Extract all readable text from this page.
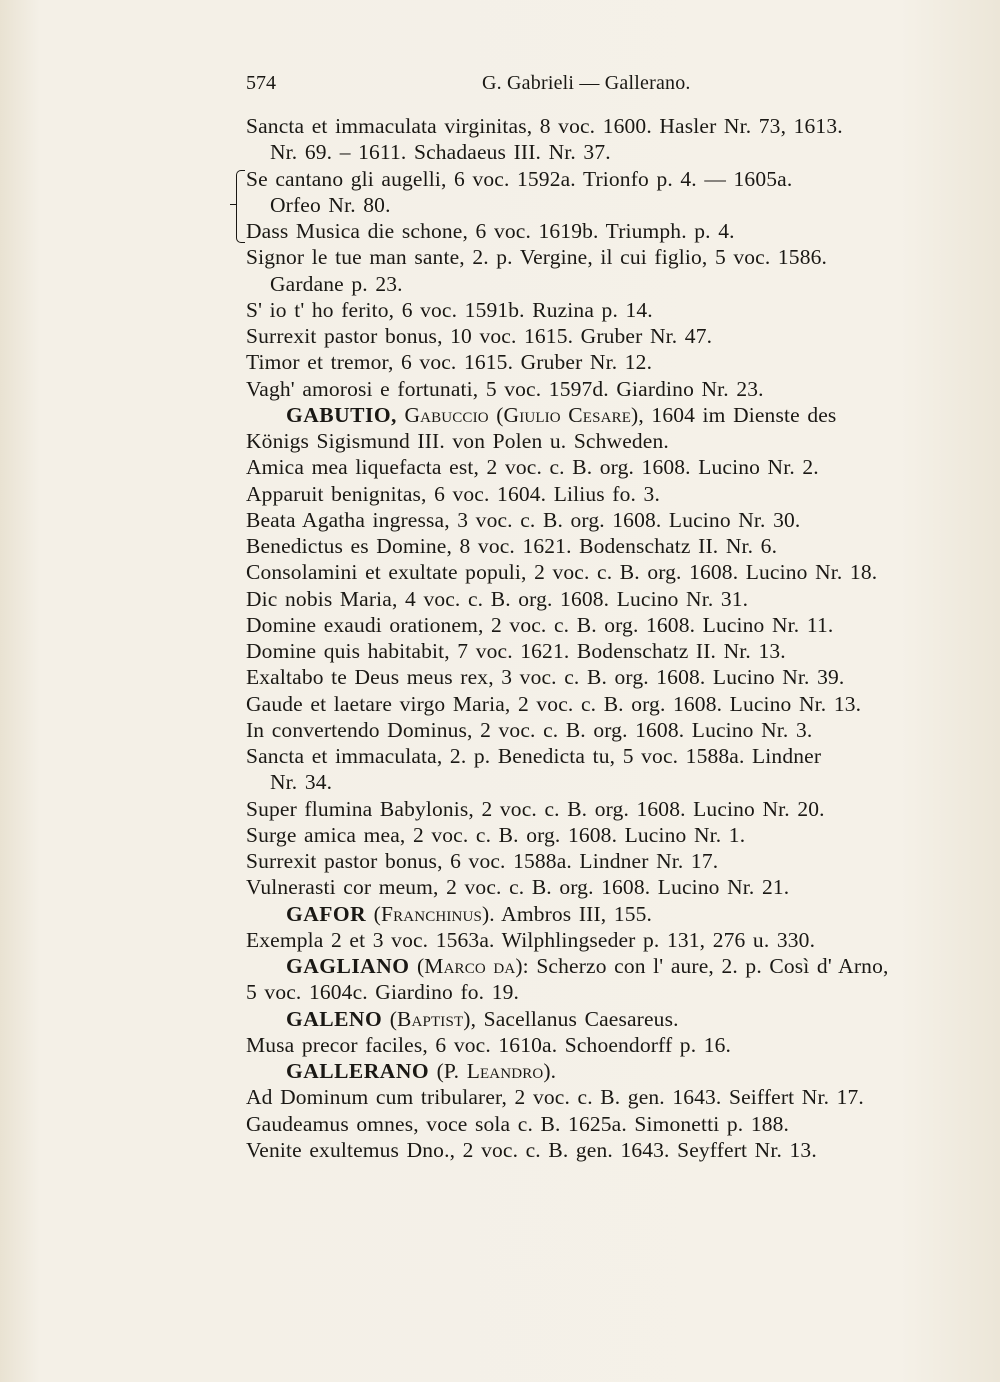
574	G. Gabrieli — Gallerano.
Sancta et immaculata virginitas, 8 voc. 1600. Hasler Nr. 73, 1613.
Nr. 69. – 1611. Schadaeus III. Nr. 37.
Se cantano gli augelli, 6 voc. 1592a. Trionfo p. 4. — 1605a.
Orfeo Nr. 80.
Dass Musica die schone, 6 voc. 1619b. Triumph. p. 4.
Signor le tue man sante, 2. p. Vergine, il cui figlio, 5 voc. 1586.
Gardane p. 23.
S' io t' ho ferito, 6 voc. 1591b. Ruzina p. 14.
Surrexit pastor bonus, 10 voc. 1615. Gruber Nr. 47.
Timor et tremor, 6 voc. 1615. Gruber Nr. 12.
Vagh' amorosi e fortunati, 5 voc. 1597d. Giardino Nr. 23.
GABUTIO, Gabuccio (Giulio Cesare), 1604 im Dienste des
Königs Sigismund III. von Polen u. Schweden.
Amica mea liquefacta est, 2 voc. c. B. org. 1608. Lucino Nr. 2.
Apparuit benignitas, 6 voc. 1604. Lilius fo. 3.
Beata Agatha ingressa, 3 voc. c. B. org. 1608. Lucino Nr. 30.
Benedictus es Domine, 8 voc. 1621. Bodenschatz II. Nr. 6.
Consolamini et exultate populi, 2 voc. c. B. org. 1608. Lucino Nr. 18.
Dic nobis Maria, 4 voc. c. B. org. 1608. Lucino Nr. 31.
Domine exaudi orationem, 2 voc. c. B. org. 1608. Lucino Nr. 11.
Domine quis habitabit, 7 voc. 1621. Bodenschatz II. Nr. 13.
Exaltabo te Deus meus rex, 3 voc. c. B. org. 1608. Lucino Nr. 39.
Gaude et laetare virgo Maria, 2 voc. c. B. org. 1608. Lucino Nr. 13.
In convertendo Dominus, 2 voc. c. B. org. 1608. Lucino Nr. 3.
Sancta et immaculata, 2. p. Benedicta tu, 5 voc. 1588a. Lindner
Nr. 34.
Super flumina Babylonis, 2 voc. c. B. org. 1608. Lucino Nr. 20.
Surge amica mea, 2 voc. c. B. org. 1608. Lucino Nr. 1.
Surrexit pastor bonus, 6 voc. 1588a. Lindner Nr. 17.
Vulnerasti cor meum, 2 voc. c. B. org. 1608. Lucino Nr. 21.
GAFOR (Franchinus). Ambros III, 155.
Exempla 2 et 3 voc. 1563a. Wilphlingseder p. 131, 276 u. 330.
GAGLIANO (Marco da): Scherzo con l' aure, 2. p. Così d' Arno,
5 voc. 1604c. Giardino fo. 19.
GALENO (Baptist), Sacellanus Caesareus.
Musa precor faciles, 6 voc. 1610a. Schoendorff p. 16.
GALLERANO (P. Leandro).
Ad Dominum cum tribularer, 2 voc. c. B. gen. 1643. Seiffert Nr. 17.
Gaudeamus omnes, voce sola c. B. 1625a. Simonetti p. 188.
Venite exultemus Dno., 2 voc. c. B. gen. 1643. Seyffert Nr. 13.
